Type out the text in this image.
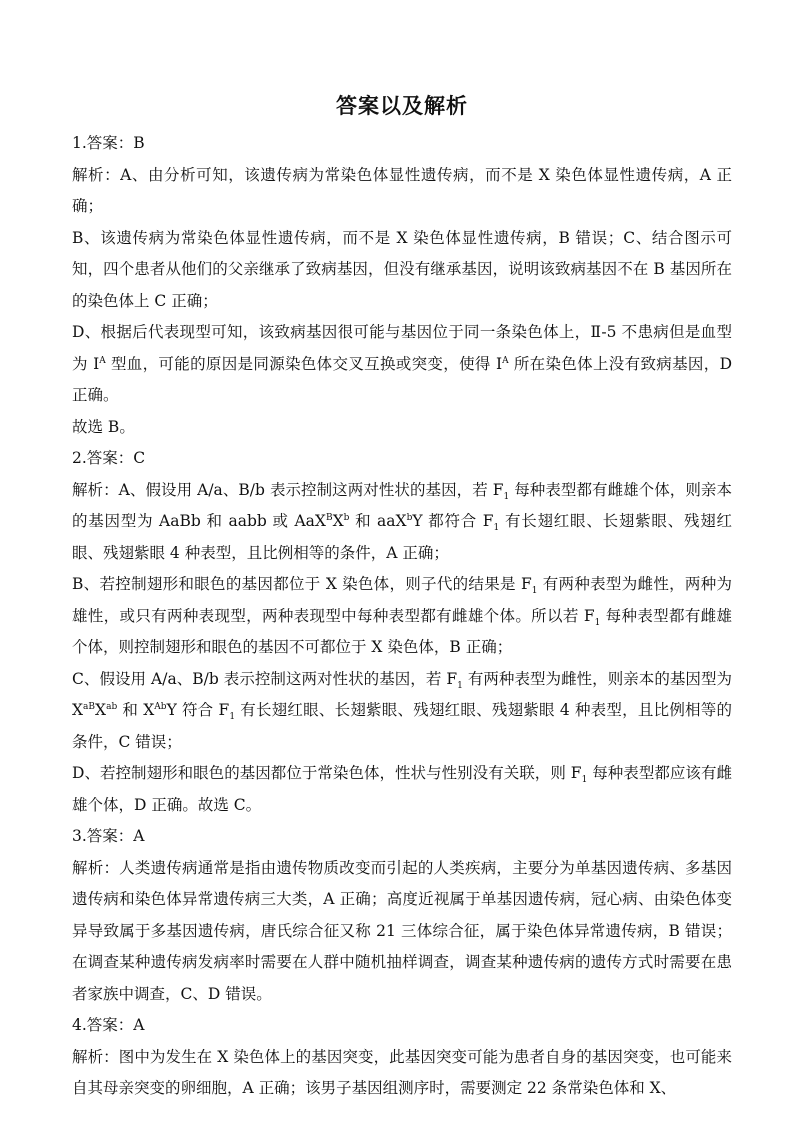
答案以及解析

1.答案：B

解析：A、由分析可知，该遗传病为常染色体显性遗传病，而不是 X 染色体显性遗传病，A 正确；

B、该遗传病为常染色体显性遗传病，而不是 X 染色体显性遗传病，B 错误；C、结合图示可知，四个患者从他们的父亲继承了致病基因，但没有继承基因，说明该致病基因不在 B 基因所在的染色体上 C 正确；

D、根据后代表现型可知，该致病基因很可能与基因位于同一条染色体上，Ⅱ-5 不患病但是血型为 $I^A$ 型血，可能的原因是同源染色体交叉互换或突变，使得 $I^A$ 所在染色体上没有致病基因，D 正确。

故选 B。

2.答案：C

解析：A、假设用 A/a、B/b 表示控制这两对性状的基因，若 $F_1$ 每种表型都有雌雄个体，则亲本的基因型为 AaBb 和 aabb 或 $AaX^BX^b$ 和 aaX$^b$Y 都符合 $F_1$ 有长翅红眼、长翅紫眼、残翅红眼、残翅紫眼 4 种表型，且比例相等的条件，A 正确；

B、若控制翅形和眼色的基因都位于 X 染色体，则子代的结果是 $F_1$ 有两种表型为雌性，两种为雄性，或只有两种表现型，两种表现型中每种表型都有雌雄个体。所以若 $F_1$ 每种表型都有雌雄个体，则控制翅形和眼色的基因不可都位于 X 染色体，B 正确；

C、假设用 A/a、B/b 表示控制这两对性状的基因，若 $F_1$ 有两种表型为雌性，则亲本的基因型为 $X^{aB}X^{ab}$ 和 $X^{Ab}Y$ 符合 $F_1$ 有长翅红眼、长翅紫眼、残翅红眼、残翅紫眼 4 种表型，且比例相等的条件，C 错误；

D、若控制翅形和眼色的基因都位于常染色体，性状与性别没有关联，则 $F_1$ 每种表型都应该有雌雄个体，D 正确。故选 C。

3.答案：A

解析：人类遗传病通常是指由遗传物质改变而引起的人类疾病，主要分为单基因遗传病、多基因遗传病和染色体异常遗传病三大类，A 正确；高度近视属于单基因遗传病，冠心病、由染色体变异导致属于多基因遗传病，唐氏综合征又称 21 三体综合征，属于染色体异常遗传病，B 错误；在调查某种遗传病发病率时需要在人群中随机抽样调查，调查某种遗传病的遗传方式时需要在患者家族中调查，C、D 错误。

4.答案：A

解析：图中为发生在 X 染色体上的基因突变，此基因突变可能为患者自身的基因突变，也可能来自其母亲突变的卵细胞，A 正确；该男子基因组测序时，需要测定 22 条常染色体和 X、
